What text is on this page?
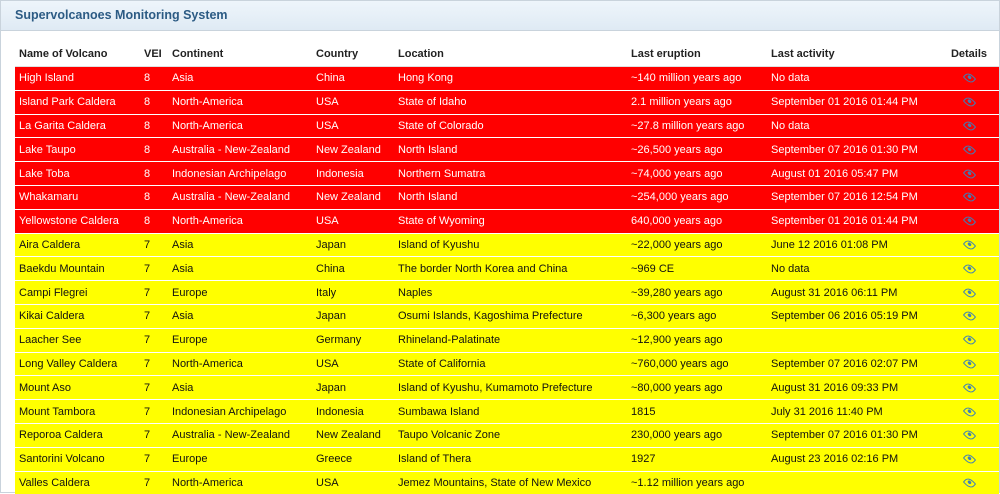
Supervolcanoes Monitoring System
Name of Volcano	VEI	Continent	Country	Location	Last eruption	Last activity	Details
High Island	8	Asia	China	Hong Kong	~140 million years ago	No data	
Island Park Caldera	8	North-America	USA	State of Idaho	2.1 million years ago	September 01 2016 01:44 PM	
La Garita Caldera	8	North-America	USA	State of Colorado	~27.8 million years ago	No data	
Lake Taupo	8	Australia - New-Zealand	New Zealand	North Island	~26,500 years ago	September 07 2016 01:30 PM	
Lake Toba	8	Indonesian Archipelago	Indonesia	Northern Sumatra	~74,000 years ago	August 01 2016 05:47 PM	
Whakamaru	8	Australia - New-Zealand	New Zealand	North Island	~254,000 years ago	September 07 2016 12:54 PM	
Yellowstone Caldera	8	North-America	USA	State of Wyoming	640,000 years ago	September 01 2016 01:44 PM	
Aira Caldera	7	Asia	Japan	Island of Kyushu	~22,000 years ago	June 12 2016 01:08 PM	
Baekdu Mountain	7	Asia	China	The border North Korea and China	~969 CE	No data	
Campi Flegrei	7	Europe	Italy	Naples	~39,280 years ago	August 31 2016 06:11 PM	
Kikai Caldera	7	Asia	Japan	Osumi Islands, Kagoshima Prefecture	~6,300 years ago	September 06 2016 05:19 PM	
Laacher See	7	Europe	Germany	Rhineland-Palatinate	~12,900 years ago		
Long Valley Caldera	7	North-America	USA	State of California	~760,000 years ago	September 07 2016 02:07 PM	
Mount Aso	7	Asia	Japan	Island of Kyushu, Kumamoto Prefecture	~80,000 years ago	August 31 2016 09:33 PM	
Mount Tambora	7	Indonesian Archipelago	Indonesia	Sumbawa Island	1815	July 31 2016 11:40 PM	
Reporoa Caldera	7	Australia - New-Zealand	New Zealand	Taupo Volcanic Zone	230,000 years ago	September 07 2016 01:30 PM	
Santorini Volcano	7	Europe	Greece	Island of Thera	1927	August 23 2016 02:16 PM	
Valles Caldera	7	North-America	USA	Jemez Mountains, State of New Mexico	~1.12 million years ago		
